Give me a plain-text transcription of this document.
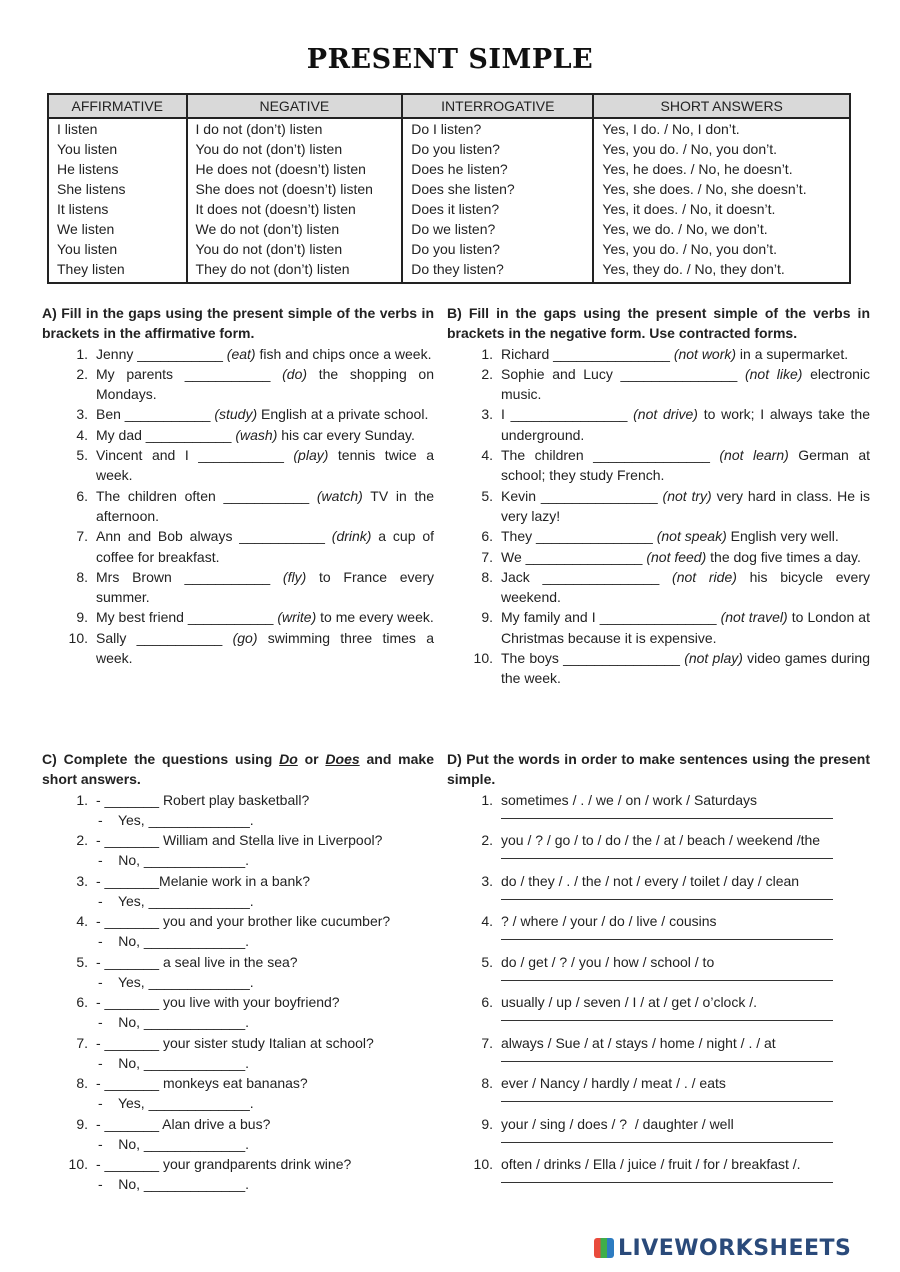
PRESENT SIMPLE
AFFIRMATIVE	NEGATIVE	INTERROGATIVE	SHORT ANSWERS
I listen	I do not (don’t) listen	Do I listen?	Yes, I do. / No, I don’t.
You listen	You do not (don’t) listen	Do you listen?	Yes, you do. / No, you don’t.
He listens	He does not (doesn’t) listen	Does he listen?	Yes, he does. / No, he doesn’t.
She listens	She does not (doesn’t) listen	Does she listen?	Yes, she does. / No, she doesn’t.
It listens	It does not (doesn’t) listen	Does it listen?	Yes, it does. / No, it doesn’t.
We listen	We do not (don’t) listen	Do we listen?	Yes, we do. / No, we don’t.
You listen	You do not (don’t) listen	Do you listen?	Yes, you do. / No, you don’t.
They listen	They do not (don’t) listen	Do they listen?	Yes, they do. / No, they don’t.
A) Fill in the gaps using the present simple of the verbs in brackets in the affirmative form.
1. Jenny ___________ (eat) fish and chips once a week.
2. My parents ___________ (do) the shopping on Mondays.
3. Ben ___________ (study) English at a private school.
4. My dad ___________ (wash) his car every Sunday.
5. Vincent and I ___________ (play) tennis twice a week.
6. The children often ___________ (watch) TV in the afternoon.
7. Ann and Bob always ___________ (drink) a cup of coffee for breakfast.
8. Mrs Brown ___________ (fly) to France every summer.
9. My best friend ___________ (write) to me every week.
10. Sally ___________ (go) swimming three times a week.
B) Fill in the gaps using the present simple of the verbs in brackets in the negative form. Use contracted forms.
1. Richard _______________ (not work) in a supermarket.
2. Sophie and Lucy _______________ (not like) electronic music.
3. I _______________ (not drive) to work; I always take the underground.
4. The children _______________ (not learn) German at school; they study French.
5. Kevin _______________ (not try) very hard in class. He is very lazy!
6. They _______________ (not speak) English very well.
7. We _______________ (not feed) the dog five times a day.
8. Jack _______________ (not ride) his bicycle every weekend.
9. My family and I _______________ (not travel) to London at Christmas because it is expensive.
10. The boys _______________ (not play) video games during the week.
C) Complete the questions using Do or Does and make short answers.
1. - _______ Robert play basketball?
-    Yes, _____________.
2. - _______ William and Stella live in Liverpool?
-    No, _____________.
3. - _______Melanie work in a bank?
-    Yes, _____________.
4. - _______ you and your brother like cucumber?
-    No, _____________.
5. - _______ a seal live in the sea?
-    Yes, _____________.
6. - _______ you live with your boyfriend?
-    No, _____________.
7. - _______ your sister study Italian at school?
-    No, _____________.
8. - _______ monkeys eat bananas?
-    Yes, _____________.
9. - _______ Alan drive a bus?
-    No, _____________.
10. - _______ your grandparents drink wine?
-    No, _____________.
D) Put the words in order to make sentences using the present simple.
1. sometimes / . / we / on / work / Saturdays
2. you / ? / go / to / do / the / at / beach / weekend /the
3. do / they / . / the / not / every / toilet / day / clean
4. ? / where / your / do / live / cousins
5. do / get / ? / you / how / school / to
6. usually / up / seven / I / at / get / o’clock /.
7. always / Sue / at / stays / home / night / . / at
8. ever / Nancy / hardly / meat / . / eats
9. your / sing / does / ?  / daughter / well
10. often / drinks / Ella / juice / fruit / for / breakfast /.
LIVEWORKSHEETS
